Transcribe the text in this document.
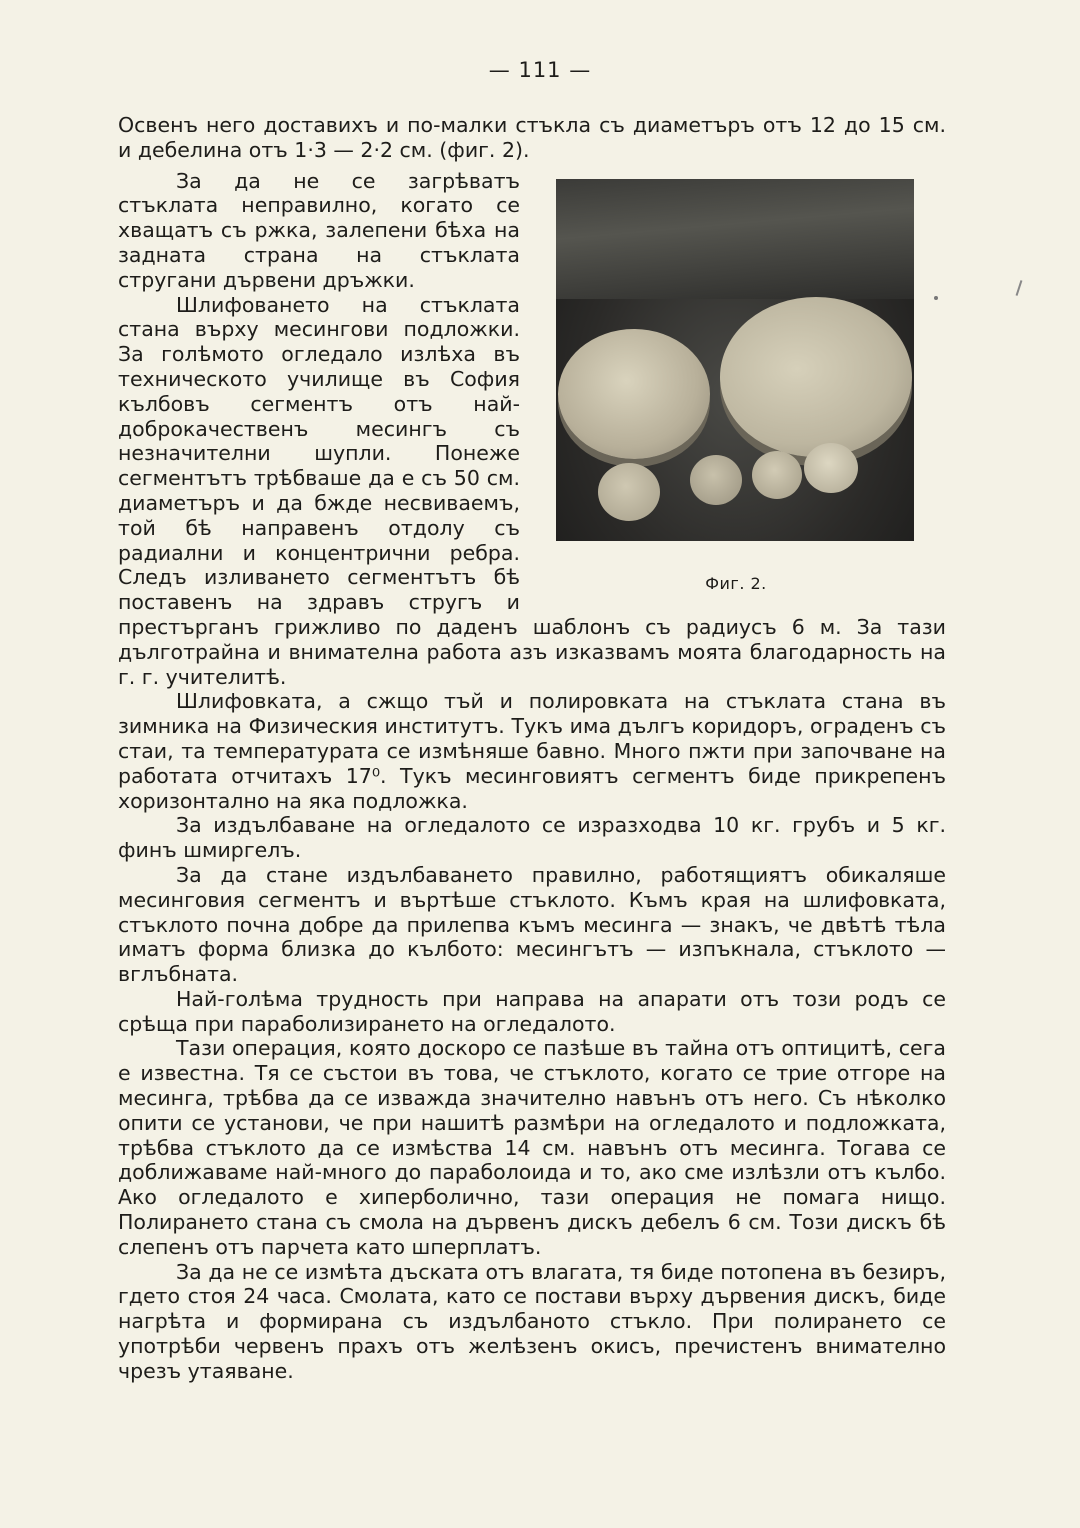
— 111 —

Освенъ него доставихъ и по-малки стъкла съ диаметъръ отъ 12 до 15 см. и дебелина отъ 1·3 — 2·2 см. (фиг. 2).

Фиг. 2.

За да не се загрѣватъ стъклата неправилно, когато се хващатъ съ ржка, залепени бѣха на задната страна на стъклата стругани дървени дръжки.

Шлифоването на стъклата стана върху месингови подложки. За голѣмото огледало излѣха въ техническото училище въ София кълбовъ сегментъ отъ най-доброкачественъ месингъ съ незначителни шупли. Понеже сегментътъ трѣбваше да е съ 50 см. диаметъръ и да бжде несвиваемъ, той бѣ направенъ отдолу съ радиални и концентрични ребра. Следъ изливането сегментътъ бѣ поставенъ на здравъ стругъ и престърганъ грижливо по даденъ шаблонъ съ радиусъ 6 м. За тази дълготрайна и внимателна работа азъ изказвамъ моята благодарность на г. г. учителитѣ.

Шлифовката, а сжщо тъй и полировката на стъклата стана въ зимника на Физическия институтъ. Тукъ има дългъ коридоръ, ограденъ съ стаи, та температурата се измѣняше бавно. Много пжти при започване на работата отчитахъ 17⁰. Тукъ месинговиятъ сегментъ биде прикрепенъ хоризонтално на яка подложка.

За издълбаване на огледалото се изразходва 10 кг. грубъ и 5 кг. финъ шмиргелъ.

За да стане издълбаването правилно, работящиятъ обикаляше месинговия сегментъ и въртѣше стъклото. Къмъ края на шлифовката, стъклото почна добре да прилепва къмъ месинга — знакъ, че двѣтѣ тѣла иматъ форма близка до кълбото: месингътъ — изпъкнала, стъклото — вглъбната.

Най-голѣма трудность при направа на апарати отъ този родъ се срѣща при параболизирането на огледалото.

Тази операция, която доскоро се пазѣше въ тайна отъ оптицитѣ, сега е известна. Тя се състои въ това, че стъклото, когато се трие отгоре на месинга, трѣбва да се изважда значително навънъ отъ него. Съ нѣколко опити се установи, че при нашитѣ размѣри на огледалото и подложката, трѣбва стъклото да се измѣства 14 см. навънъ отъ месинга. Тогава се доближаваме най-много до параболоида и то, ако сме излѣзли отъ кълбо. Ако огледалото е хиперболично, тази операция не помага нищо. Полирането стана съ смола на дървенъ дискъ дебелъ 6 см. Този дискъ бѣ слепенъ отъ парчета като шперплатъ.

За да не се измѣта дъската отъ влагата, тя биде потопена въ безиръ, гдето стоя 24 часа. Смолата, като се постави върху дървения дискъ, биде нагрѣта и формирана съ издълбаното стъкло. При полирането се употрѣби червенъ прахъ отъ желѣзенъ окисъ, пречистенъ внимателно чрезъ утаяване.
